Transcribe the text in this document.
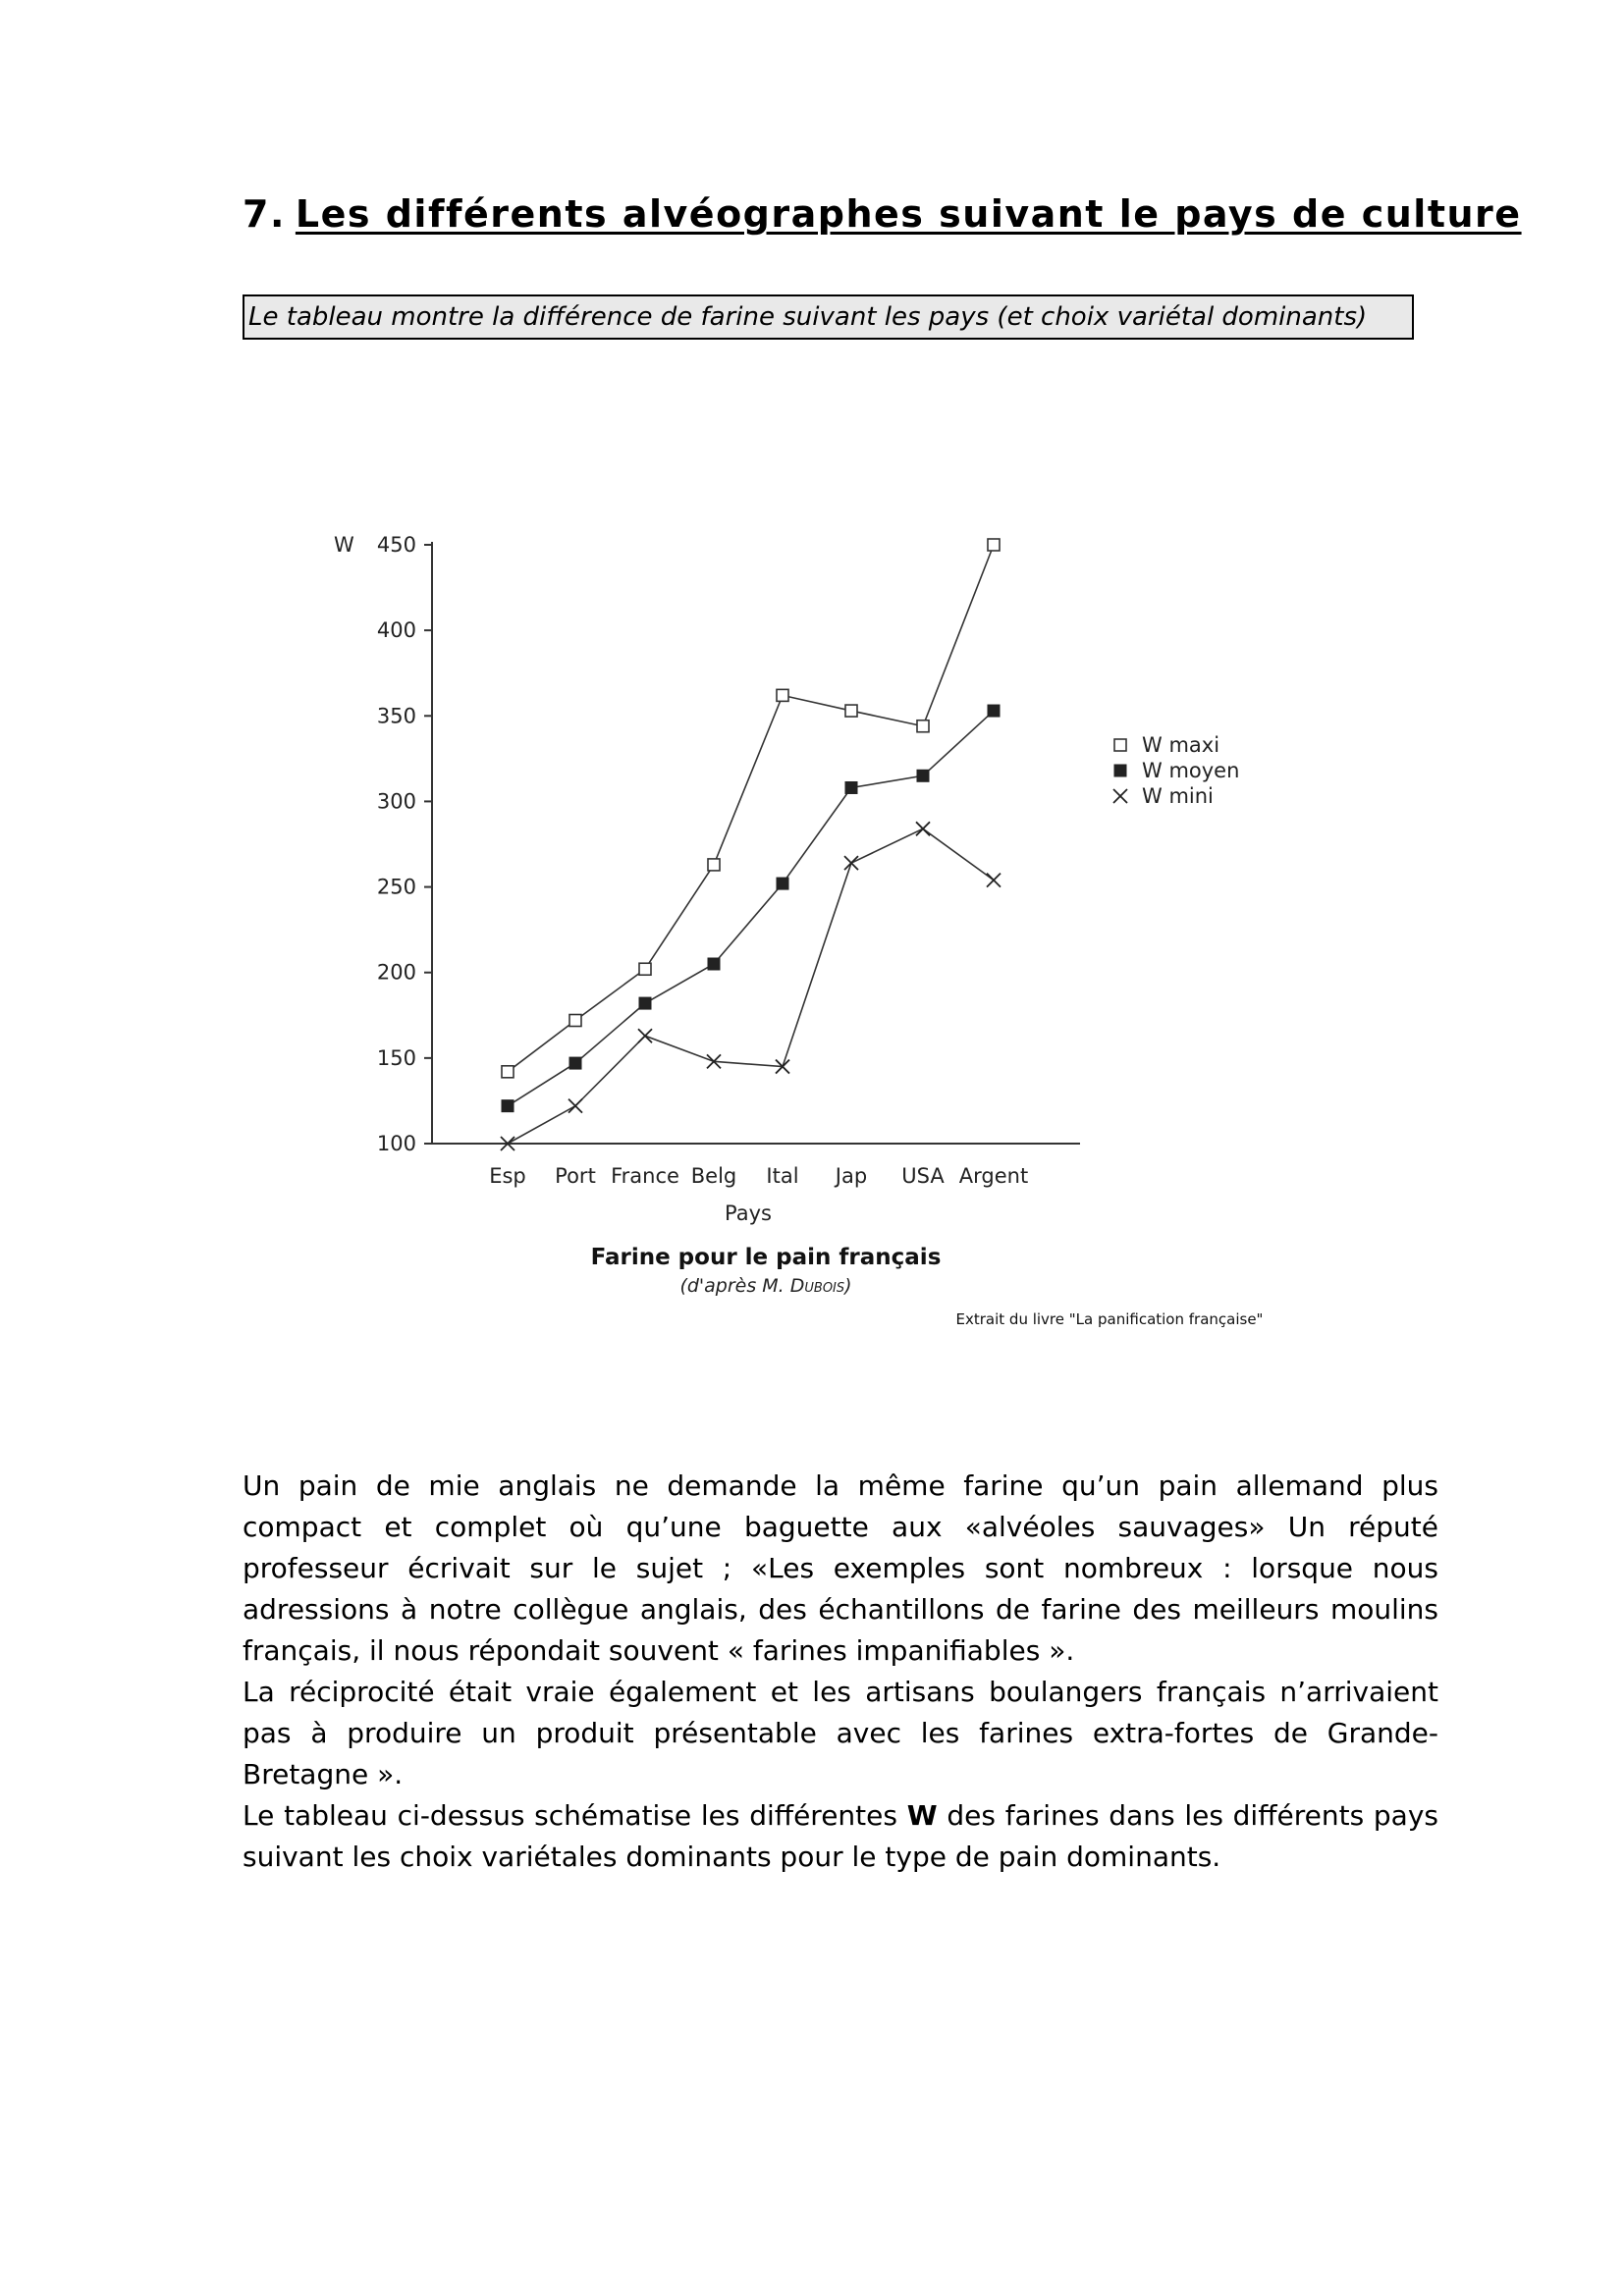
7. Les différents alvéographes suivant le pays de culture
Le tableau montre la différence de farine suivant les pays (et choix variétal dominants)
100
150
200
250
300
350
400
450
W
Esp Port France Belg Ital Jap USA Argent
Pays
W maxi
W moyen
W mini
Farine pour le pain français
(d'après M. Dubois)
Extrait du livre "La panification française"

Un pain de mie anglais ne demande la même farine qu’un pain allemand plus compact et complet où qu’une baguette aux «alvéoles sauvages» Un réputé professeur écrivait sur le sujet ; «Les exemples sont nombreux : lorsque nous adressions à notre collègue anglais, des échantillons de farine des meilleurs moulins français, il nous répondait souvent « farines impanifiables ».

La réciprocité était vraie également et les artisans boulangers français n’arrivaient pas à produire un produit présentable avec les farines extra-fortes de Grande-Bretagne ».

Le tableau ci-dessus schématise les différentes W des farines dans les différents pays suivant les choix variétales dominants pour le type de pain dominants.
